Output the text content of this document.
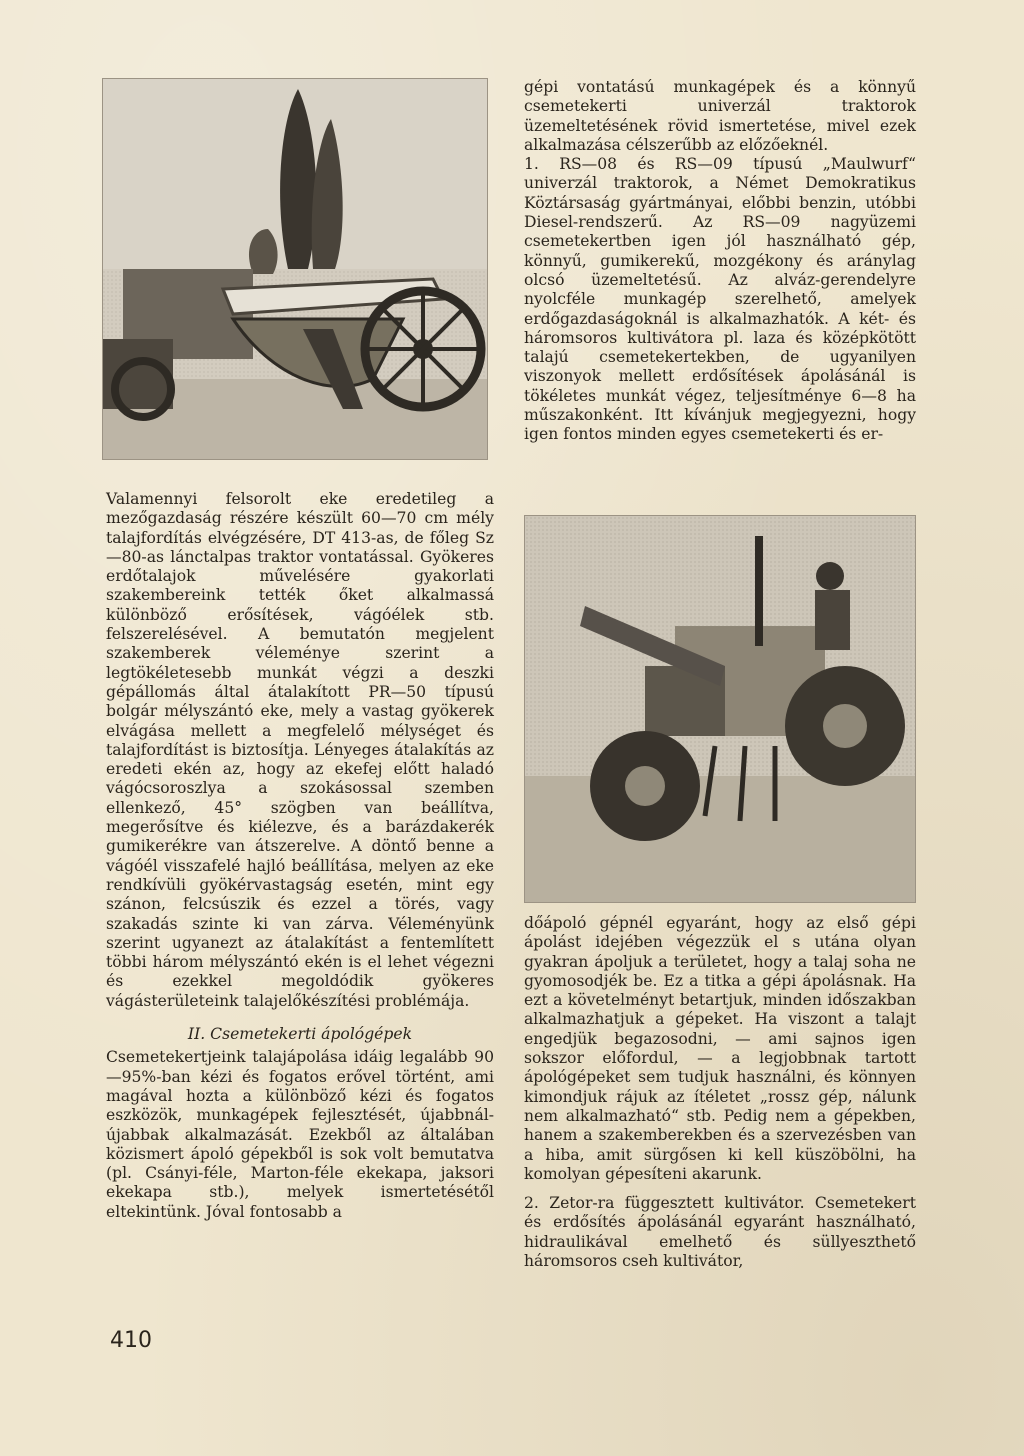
gépi vontatású munkagépek és a könnyű csemetekerti univerzál traktorok üzemeltetésének rövid ismertetése, mivel ezek alkalmazása célszerűbb az előzőeknél.

1. RS—08 és RS—09 típusú „Maulwurf“ univerzál traktorok, a Német Demokratikus Köztársaság gyártmányai, előbbi benzin, utóbbi Diesel-rendszerű. Az RS—09 nagyüzemi csemetekertben igen jól használható gép, könnyű, gumikerekű, mozgékony és aránylag olcsó üzemeltetésű. Az alváz-gerendelyre nyolcféle munkagép szerelhető, amelyek erdőgazdaságoknál is alkalmazhatók. A két- és háromsoros kultivátora pl. laza és középkötött talajú csemetekertekben, de ugyanilyen viszonyok mellett erdősítések ápolásánál is tökéletes munkát végez, teljesítménye 6—8 ha műszakonként. Itt kívánjuk megjegyezni, hogy igen fontos minden egyes csemetekerti és er-

Valamennyi felsorolt eke eredetileg a mezőgazdaság részére készült 60—70 cm mély talajfordítás elvégzésére, DT 413-as, de főleg Sz—80-as lánctalpas traktor vontatással. Gyökeres erdőtalajok művelésére gyakorlati szakembereink tették őket alkalmassá különböző erősítések, vágóélek stb. felszerelésével. A bemutatón megjelent szakemberek véleménye szerint a legtökéletesebb munkát végzi a deszki gépállomás által átalakított PR—50 típusú bolgár mélyszántó eke, mely a vastag gyökerek elvágása mellett a megfelelő mélységet és talajfordítást is biztosítja. Lényeges átalakítás az eredeti ekén az, hogy az ekefej előtt haladó vágócsoroszlya a szokásossal szemben ellenkező, 45° szögben van beállítva, megerősítve és kiélezve, és a barázdakerék gumikerékre van átszerelve. A döntő benne a vágóél visszafelé hajló beállítása, melyen az eke rendkívüli gyökérvastagság esetén, mint egy szánon, felcsúszik és ezzel a törés, vagy szakadás szinte ki van zárva. Véleményünk szerint ugyanezt az átalakítást a fentemlített többi három mélyszántó ekén is el lehet végezni és ezekkel megoldódik gyökeres vágásterületeink talajelőkészítési problémája.

II. Csemetekerti ápológépek

Csemetekertjeink talajápolása idáig legalább 90—95%-ban kézi és fogatos erővel történt, ami magával hozta a különböző kézi és fogatos eszközök, munkagépek fejlesztését, újabbnál-újabbak alkalmazását. Ezekből az általában közismert ápoló gépekből is sok volt bemutatva (pl. Csányi-féle, Marton-féle ekekapa, jaksori ekekapa stb.), melyek ismertetésétől eltekintünk. Jóval fontosabb a

dőápoló gépnél egyaránt, hogy az első gépi ápolást idejében végezzük el s utána olyan gyakran ápoljuk a területet, hogy a talaj soha ne gyomosodjék be. Ez a titka a gépi ápolásnak. Ha ezt a követelményt betartjuk, minden időszakban alkalmazhatjuk a gépeket. Ha viszont a talajt engedjük begazosodni, — ami sajnos igen sokszor előfordul, — a legjobbnak tartott ápológépeket sem tudjuk használni, és könnyen kimondjuk rájuk az ítéletet „rossz gép, nálunk nem alkalmazható“ stb. Pedig nem a gépekben, hanem a szakemberekben és a szervezésben van a hiba, amit sürgősen ki kell küszöbölni, ha komolyan gépesíteni akarunk.

2. Zetor-ra függesztett kultivátor. Csemetekert és erdősítés ápolásánál egyaránt használható, hidraulikával emelhető és süllyeszthető háromsoros cseh kultivátor,

410
